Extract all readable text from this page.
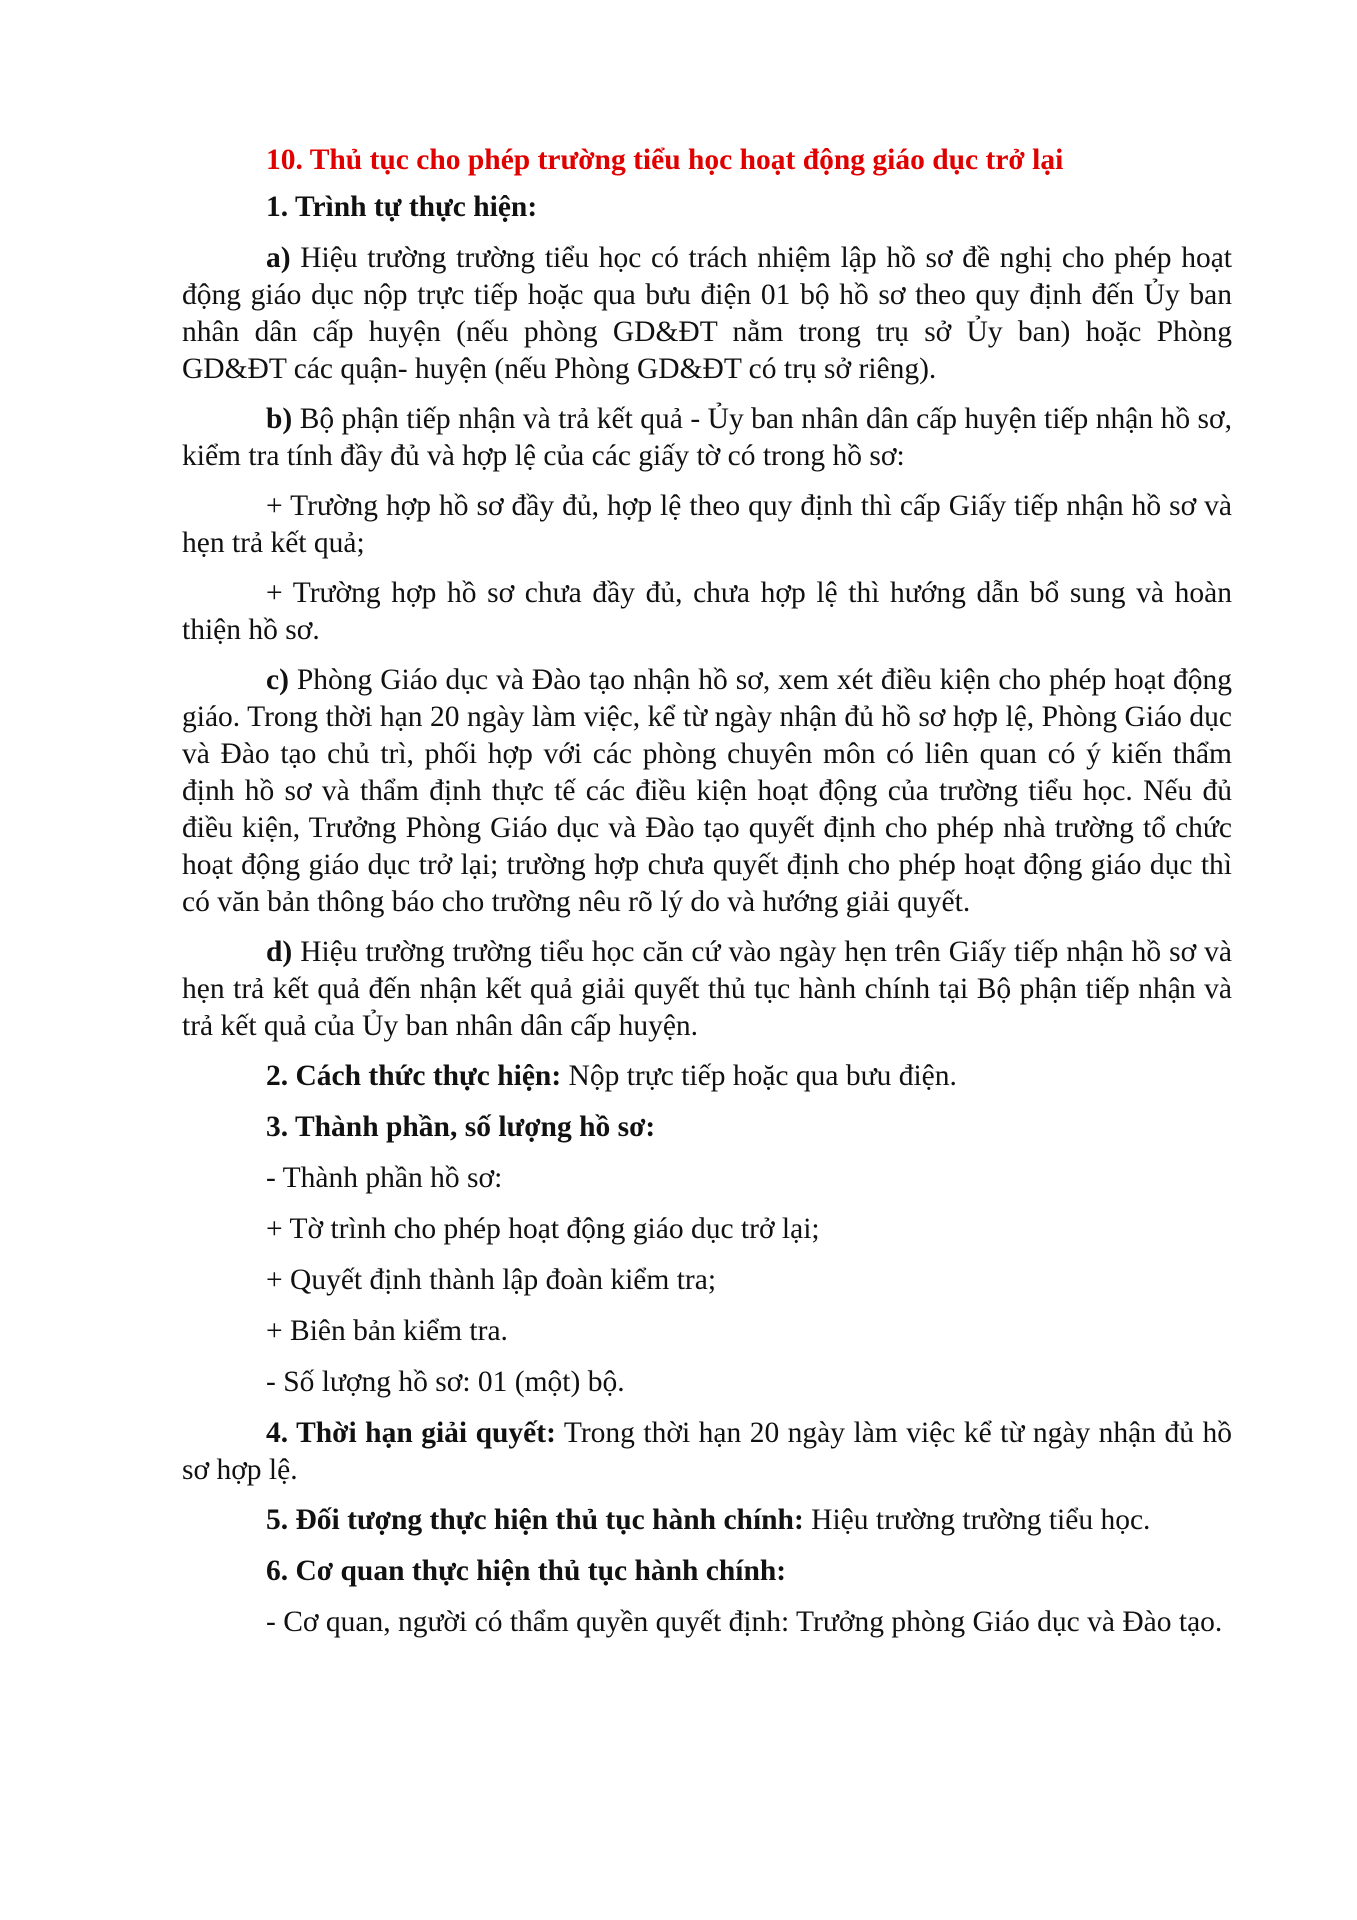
10. Thủ tục cho phép trường tiểu học hoạt động giáo dục trở lại
1. Trình tự thực hiện:
a) Hiệu trường trường tiểu học có trách nhiệm lập hồ sơ đề nghị cho phép hoạt động giáo dục nộp trực tiếp hoặc qua bưu điện 01 bộ hồ sơ theo quy định đến Ủy ban nhân dân cấp huyện (nếu phòng GD&ĐT nằm trong trụ sở Ủy ban) hoặc Phòng GD&ĐT các quận- huyện (nếu Phòng GD&ĐT có trụ sở riêng).
b) Bộ phận tiếp nhận và trả kết quả - Ủy ban nhân dân cấp huyện tiếp nhận hồ sơ, kiểm tra tính đầy đủ và hợp lệ của các giấy tờ có trong hồ sơ:
+ Trường hợp hồ sơ đầy đủ, hợp lệ theo quy định thì cấp Giấy tiếp nhận hồ sơ và hẹn trả kết quả;
+ Trường hợp hồ sơ chưa đầy đủ, chưa hợp lệ thì hướng dẫn bổ sung và hoàn thiện hồ sơ.
c) Phòng Giáo dục và Đào tạo nhận hồ sơ, xem xét điều kiện cho phép hoạt động giáo. Trong thời hạn 20 ngày làm việc, kể từ ngày nhận đủ hồ sơ hợp lệ, Phòng Giáo dục và Đào tạo chủ trì, phối hợp với các phòng chuyên môn có liên quan có ý kiến thẩm định hồ sơ và thẩm định thực tế các điều kiện hoạt động của trường tiểu học. Nếu đủ điều kiện, Trưởng Phòng Giáo dục và Đào tạo quyết định cho phép nhà trường tổ chức hoạt động giáo dục trở lại; trường hợp chưa quyết định cho phép hoạt động giáo dục thì có văn bản thông báo cho trường nêu rõ lý do và hướng giải quyết.
d) Hiệu trường trường tiểu học căn cứ vào ngày hẹn trên Giấy tiếp nhận hồ sơ và hẹn trả kết quả đến nhận kết quả giải quyết thủ tục hành chính tại Bộ phận tiếp nhận và trả kết quả của Ủy ban nhân dân cấp huyện.
2. Cách thức thực hiện: Nộp trực tiếp hoặc qua bưu điện.
3. Thành phần, số lượng hồ sơ:
- Thành phần hồ sơ:
+ Tờ trình cho phép hoạt động giáo dục trở lại;
+ Quyết định thành lập đoàn kiểm tra;
+ Biên bản kiểm tra.
- Số lượng hồ sơ: 01 (một) bộ.
4. Thời hạn giải quyết: Trong thời hạn 20 ngày làm việc kể từ ngày nhận đủ hồ sơ hợp lệ.
5. Đối tượng thực hiện thủ tục hành chính: Hiệu trường trường tiểu học.
6. Cơ quan thực hiện thủ tục hành chính:
- Cơ quan, người có thẩm quyền quyết định: Trưởng phòng Giáo dục và Đào tạo.
